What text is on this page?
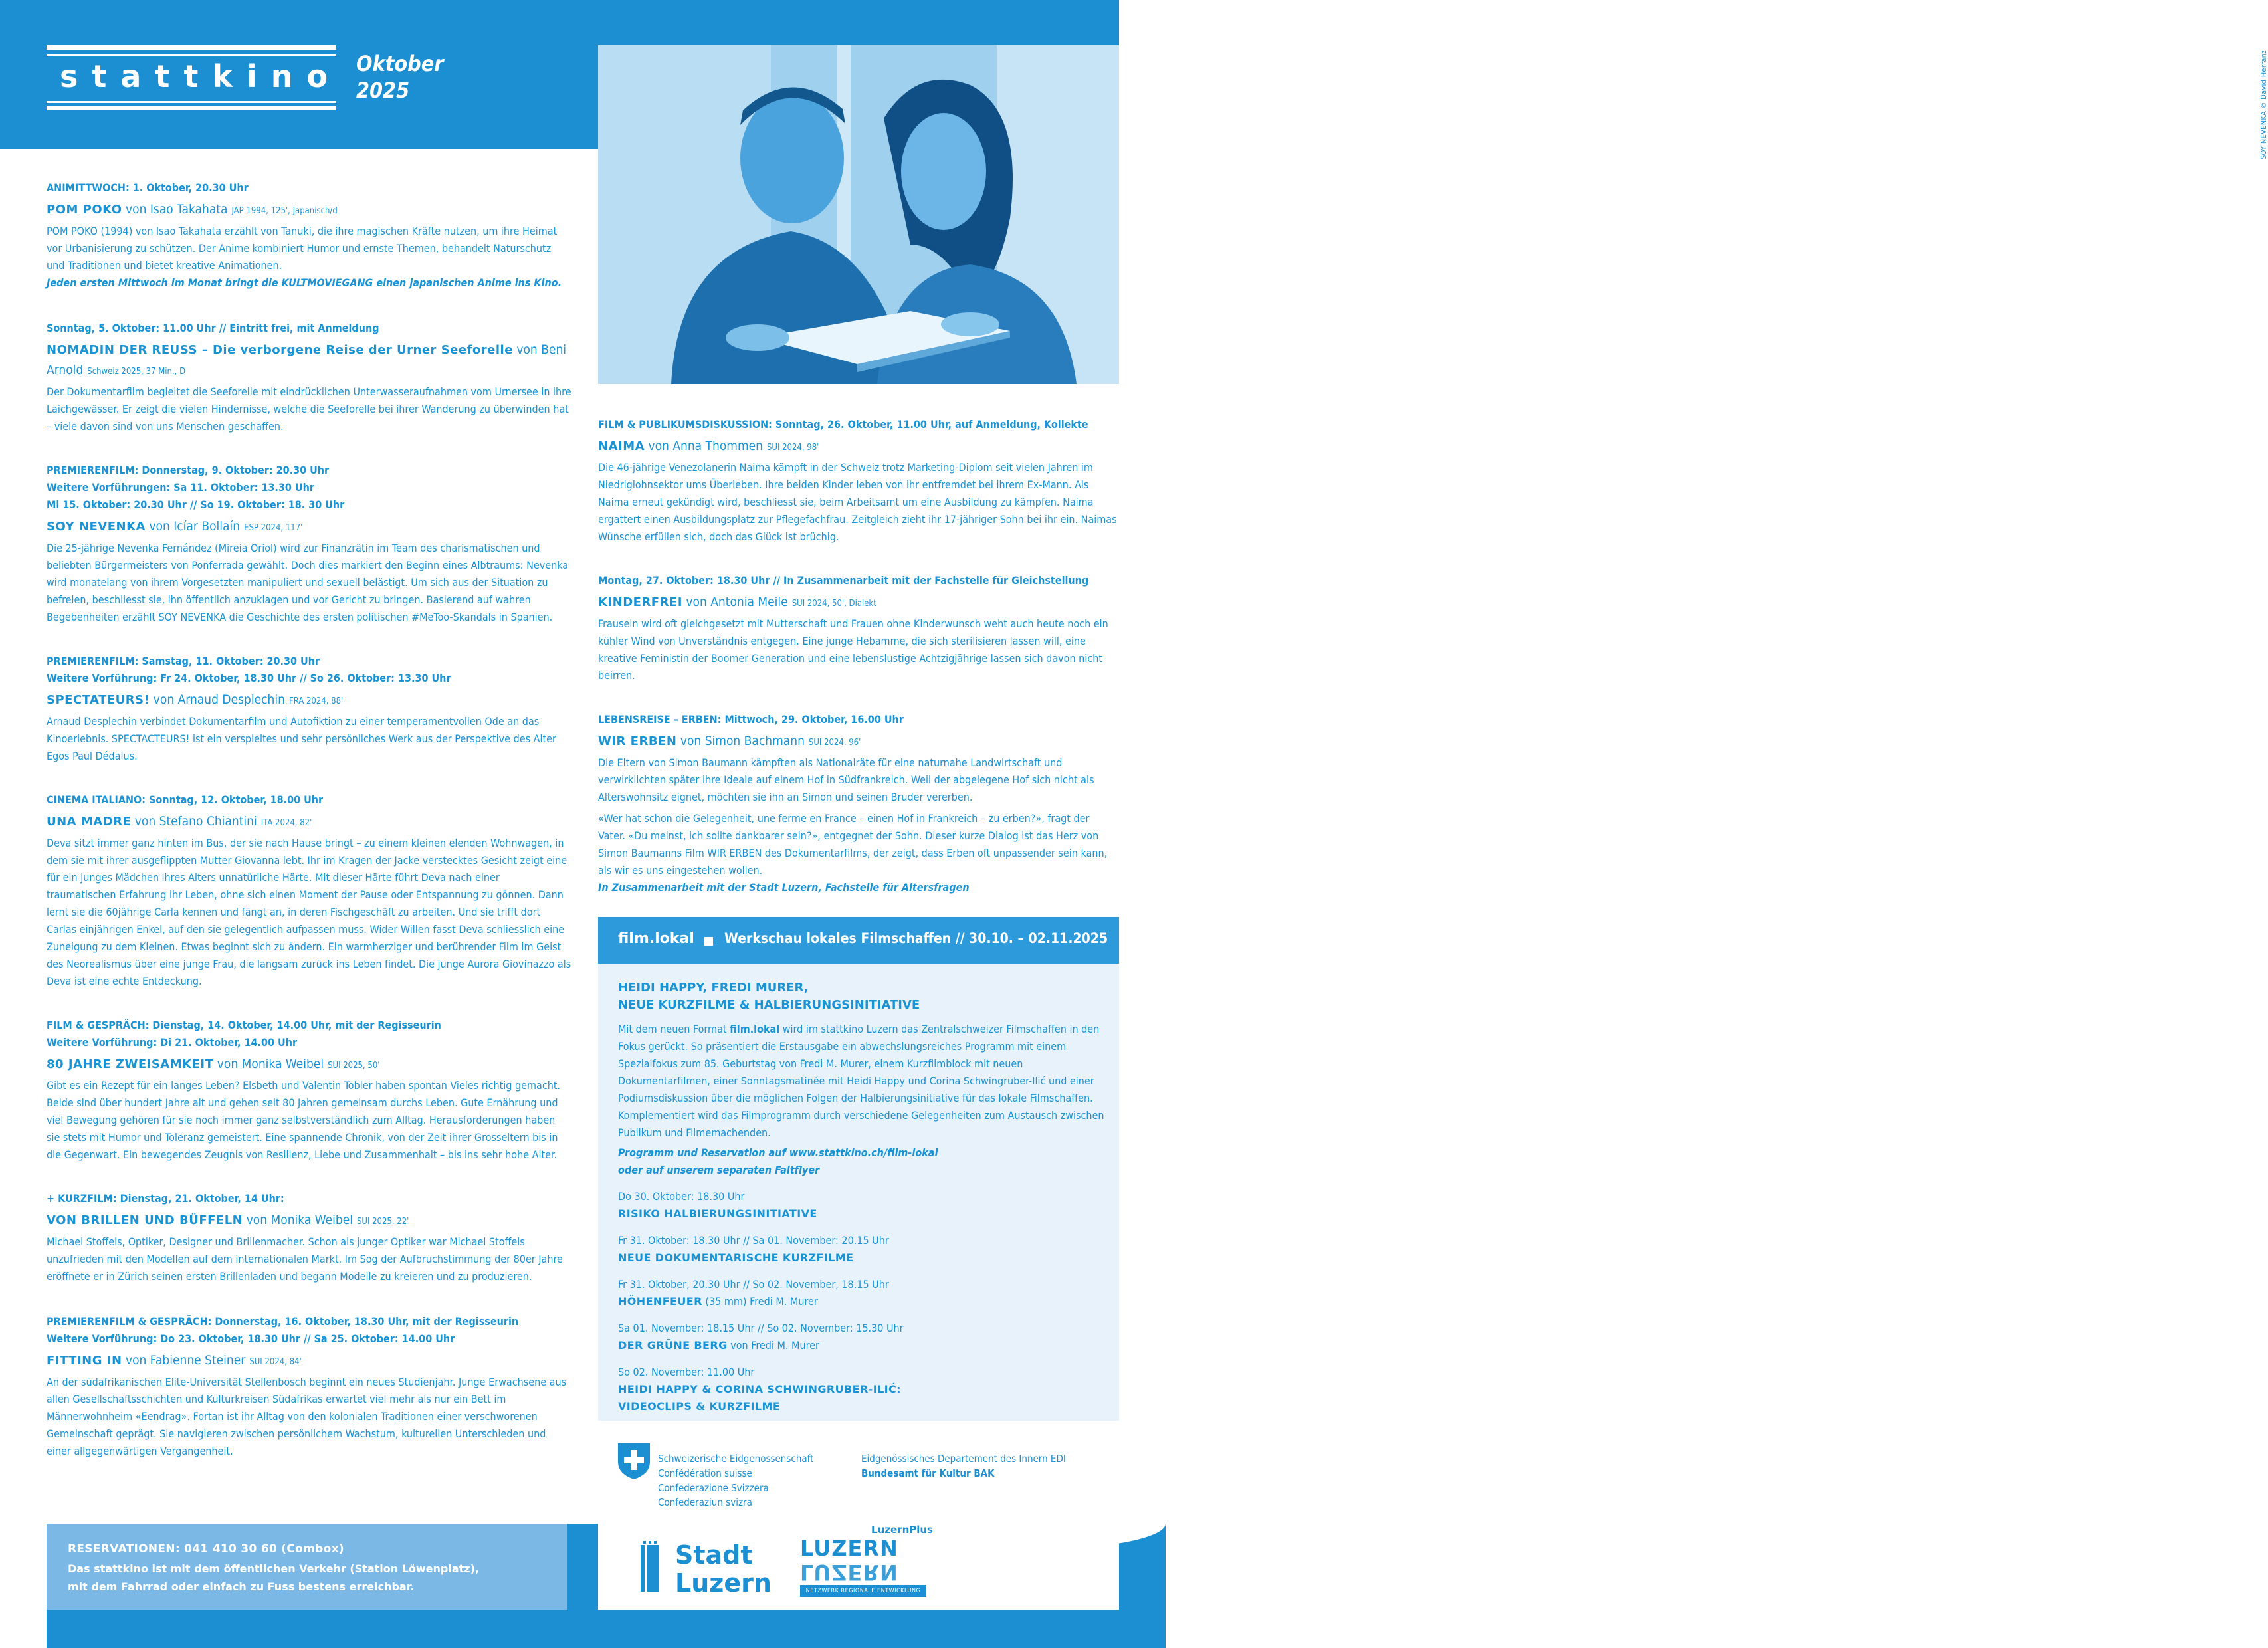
SOY NEVENKA © David Herranz
stattkino Oktober
2025

ANIMITTWOCH: 1. Oktober, 20.30 Uhr

POM POKO von Isao Takahata JAP 1994, 125', Japanisch/d

POM POKO (1994) von Isao Takahata erzählt von Tanuki, die ihre magischen Kräfte nutzen, um ihre Heimat vor Urbanisierung zu schützen. Der Anime kombiniert Humor und ernste Themen, behandelt Naturschutz und Traditionen und bietet kreative Animationen.

Jeden ersten Mittwoch im Monat bringt die KULTMOVIEGANG einen japanischen Anime ins Kino.

Sonntag, 5. Oktober: 11.00 Uhr // Eintritt frei, mit Anmeldung

NOMADIN DER REUSS – Die verborgene Reise der Urner Seeforelle von Beni Arnold Schweiz 2025, 37 Min., D

Der Dokumentarfilm begleitet die Seeforelle mit eindrücklichen Unterwasseraufnahmen vom Urnersee in ihre Laichgewässer. Er zeigt die vielen Hindernisse, welche die Seeforelle bei ihrer Wanderung zu überwinden hat – viele davon sind von uns Menschen geschaffen.

PREMIERENFILM: Donnerstag, 9. Oktober: 20.30 Uhr

Weitere Vorführungen: Sa 11. Oktober: 13.30 Uhr

Mi 15. Oktober: 20.30 Uhr // So 19. Oktober: 18. 30 Uhr

SOY NEVENKA von Icíar Bollaín ESP 2024, 117'

Die 25-jährige Nevenka Fernández (Mireia Oriol) wird zur Finanzrätin im Team des charismatischen und beliebten Bürgermeisters von Ponferrada gewählt. Doch dies markiert den Beginn eines Albtraums: Nevenka wird monatelang von ihrem Vorgesetzten manipuliert und sexuell belästigt. Um sich aus der Situation zu befreien, beschliesst sie, ihn öffentlich anzuklagen und vor Gericht zu bringen. Basierend auf wahren Begebenheiten erzählt SOY NEVENKA die Geschichte des ersten politischen #MeToo-Skandals in Spanien.

PREMIERENFILM: Samstag, 11. Oktober: 20.30 Uhr

Weitere Vorführung: Fr 24. Oktober, 18.30 Uhr // So 26. Oktober: 13.30 Uhr

SPECTATEURS! von Arnaud Desplechin FRA 2024, 88'

Arnaud Desplechin verbindet Dokumentarfilm und Autofiktion zu einer temperamentvollen Ode an das Kinoerlebnis. SPECTACTEURS! ist ein verspieltes und sehr persönliches Werk aus der Perspektive des Alter Egos Paul Dédalus.

CINEMA ITALIANO: Sonntag, 12. Oktober, 18.00 Uhr

UNA MADRE von Stefano Chiantini ITA 2024, 82'

Deva sitzt immer ganz hinten im Bus, der sie nach Hause bringt – zu einem kleinen elenden Wohnwagen, in dem sie mit ihrer ausgeflippten Mutter Giovanna lebt. Ihr im Kragen der Jacke verstecktes Gesicht zeigt eine für ein junges Mädchen ihres Alters unnatürliche Härte. Mit dieser Härte führt Deva nach einer traumatischen Erfahrung ihr Leben, ohne sich einen Moment der Pause oder Entspannung zu gönnen. Dann lernt sie die 60jährige Carla kennen und fängt an, in deren Fischgeschäft zu arbeiten. Und sie trifft dort Carlas einjährigen Enkel, auf den sie gelegentlich aufpassen muss. Wider Willen fasst Deva schliesslich eine Zuneigung zu dem Kleinen. Etwas beginnt sich zu ändern. Ein warmherziger und berührender Film im Geist des Neorealismus über eine junge Frau, die langsam zurück ins Leben findet. Die junge Aurora Giovinazzo als Deva ist eine echte Entdeckung.

FILM & GESPRÄCH: Dienstag, 14. Oktober, 14.00 Uhr, mit der Regisseurin

Weitere Vorführung: Di 21. Oktober, 14.00 Uhr

80 JAHRE ZWEISAMKEIT von Monika Weibel SUI 2025, 50'

Gibt es ein Rezept für ein langes Leben? Elsbeth und Valentin Tobler haben spontan Vieles richtig gemacht. Beide sind über hundert Jahre alt und gehen seit 80 Jahren gemeinsam durchs Leben. Gute Ernährung und viel Bewegung gehören für sie noch immer ganz selbstverständlich zum Alltag. Herausforderungen haben sie stets mit Humor und Toleranz gemeistert. Eine spannende Chronik, von der Zeit ihrer Grosseltern bis in die Gegenwart. Ein bewegendes Zeugnis von Resilienz, Liebe und Zusammenhalt – bis ins sehr hohe Alter.

+ KURZFILM: Dienstag, 21. Oktober, 14 Uhr:

VON BRILLEN UND BÜFFELN von Monika Weibel SUI 2025, 22'

Michael Stoffels, Optiker, Designer und Brillenmacher. Schon als junger Optiker war Michael Stoffels unzufrieden mit den Modellen auf dem internationalen Markt. Im Sog der Aufbruchstimmung der 80er Jahre eröffnete er in Zürich seinen ersten Brillenladen und begann Modelle zu kreieren und zu produzieren.

PREMIERENFILM & GESPRÄCH: Donnerstag, 16. Oktober, 18.30 Uhr, mit der Regisseurin

Weitere Vorführung: Do 23. Oktober, 18.30 Uhr // Sa 25. Oktober: 14.00 Uhr

FITTING IN von Fabienne Steiner SUI 2024, 84'

An der südafrikanischen Elite-Universität Stellenbosch beginnt ein neues Studienjahr. Junge Erwachsene aus allen Gesellschaftsschichten und Kulturkreisen Südafrikas erwartet viel mehr als nur ein Bett im Männerwohnheim «Eendrag». Fortan ist ihr Alltag von den kolonialen Traditionen einer verschworenen Gemeinschaft geprägt. Sie navigieren zwischen persönlichem Wachstum, kulturellen Unterschieden und einer allgegenwärtigen Vergangenheit.

FILM & PUBLIKUMSDISKUSSION: Sonntag, 26. Oktober, 11.00 Uhr, auf Anmeldung, Kollekte

NAIMA von Anna Thommen SUI 2024, 98'

Die 46-jährige Venezolanerin Naima kämpft in der Schweiz trotz Marketing-Diplom seit vielen Jahren im Niedriglohnsektor ums Überleben. Ihre beiden Kinder leben von ihr entfremdet bei ihrem Ex-Mann. Als Naima erneut gekündigt wird, beschliesst sie, beim Arbeitsamt um eine Ausbildung zu kämpfen. Naima ergattert einen Ausbildungsplatz zur Pflegefachfrau. Zeitgleich zieht ihr 17-jähriger Sohn bei ihr ein. Naimas Wünsche erfüllen sich, doch das Glück ist brüchig.

Montag, 27. Oktober: 18.30 Uhr // In Zusammenarbeit mit der Fachstelle für Gleichstellung

KINDERFREI von Antonia Meile SUI 2024, 50', Dialekt

Frausein wird oft gleichgesetzt mit Mutterschaft und Frauen ohne Kinderwunsch weht auch heute noch ein kühler Wind von Unverständnis entgegen. Eine junge Hebamme, die sich sterilisieren lassen will, eine kreative Feministin der Boomer Generation und eine lebenslustige Achtzigjährige lassen sich davon nicht beirren.

LEBENSREISE – ERBEN: Mittwoch, 29. Oktober, 16.00 Uhr

WIR ERBEN von Simon Bachmann SUI 2024, 96'

Die Eltern von Simon Baumann kämpften als Nationalräte für eine naturnahe Landwirtschaft und verwirklichten später ihre Ideale auf einem Hof in Südfrankreich. Weil der abgelegene Hof sich nicht als Alterswohnsitz eignet, möchten sie ihn an Simon und seinen Bruder vererben.

«Wer hat schon die Gelegenheit, une ferme en France – einen Hof in Frankreich – zu erben?», fragt der Vater. «Du meinst, ich sollte dankbarer sein?», entgegnet der Sohn. Dieser kurze Dialog ist das Herz von Simon Baumanns Film WIR ERBEN des Dokumentarfilms, der zeigt, dass Erben oft unpassender sein kann, als wir es uns eingestehen wollen.

In Zusammenarbeit mit der Stadt Luzern, Fachstelle für Altersfragen

film.lokal Werkschau lokales Filmschaffen // 30.10. – 02.11.2025
HEIDI HAPPY, FREDI MURER,
NEUE KURZFILME & HALBIERUNGSINITIATIVE

Mit dem neuen Format film.lokal wird im stattkino Luzern das Zentralschweizer Filmschaffen in den Fokus gerückt. So präsentiert die Erstausgabe ein abwechslungsreiches Programm mit einem Spezialfokus zum 85. Geburtstag von Fredi M. Murer, einem Kurzfilmblock mit neuen Dokumentarfilmen, einer Sonntagsmatinée mit Heidi Happy und Corina Schwingruber-Ilić und einer Podiumsdiskussion über die möglichen Folgen der Halbierungsinitiative für das lokale Filmschaffen. Komplementiert wird das Filmprogramm durch verschiedene Gelegenheiten zum Austausch zwischen Publikum und Filmemachenden.

Programm und Reservation auf www.stattkino.ch/film-lokal
oder auf unserem separaten Faltflyer

Do 30. Oktober: 18.30 Uhr

RISIKO HALBIERUNGSINITIATIVE

Fr 31. Oktober: 18.30 Uhr // Sa 01. November: 20.15 Uhr

NEUE DOKUMENTARISCHE KURZFILME

Fr 31. Oktober, 20.30 Uhr // So 02. November, 18.15 Uhr

HÖHENFEUER (35 mm) Fredi M. Murer

Sa 01. November: 18.15 Uhr // So 02. November: 15.30 Uhr

DER GRÜNE BERG von Fredi M. Murer

So 02. November: 11.00 Uhr

HEIDI HAPPY & CORINA SCHWINGRUBER-ILIĆ:

VIDEOCLIPS & KURZFILME

Schweizerische Eidgenossenschaft
Confédération suisse
Confederazione Svizzera
Confederaziun svizra
Eidgenössisches Departement des Innern EDI
Bundesamt für Kultur BAK
RESERVATIONEN: 041 410 30 60 (Combox)
Das stattkino ist mit dem öffentlichen Verkehr (Station Löwenplatz),
mit dem Fahrrad oder einfach zu Fuss bestens erreichbar.
Stadt
Luzern
LuzernPlus
LUZERN
LUZERN
NETZWERK REGIONALE ENTWICKLUNG
